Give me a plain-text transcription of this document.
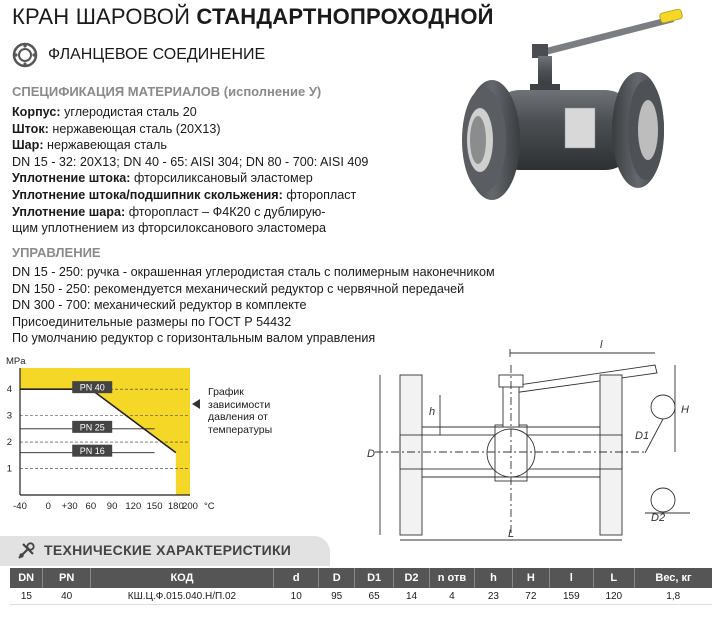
КРАН ШАРОВОЙ СТАНДАРТНОПРОХОДНОЙ
ФЛАНЦЕВОЕ СОЕДИНЕНИЕ
СПЕЦИФИКАЦИЯ МАТЕРИАЛОВ (исполнение У)
Корпус: углеродистая сталь 20
Шток: нержавеющая сталь (20Х13)
Шар: нержавеющая сталь
DN 15 - 32: 20Х13; DN 40 - 65: AISI 304; DN 80 - 700: AISI 409
Уплотнение штока: фторсиликсановый эластомер
Уплотнение штока/подшипник скольжения: фторопласт
Уплотнение шара: фторопласт – Ф4К20 с дублирую-
щим уплотнением из фторсилоксанового эластомера
УПРАВЛЕНИЕ
DN 15 - 250: ручка - окрашенная углеродистая сталь с полимерным наконечником
DN 150 - 250: рекомендуется механический редуктор с червячной передачей
DN 300 - 700: механический редуктор в комплекте
Присоединительные размеры по ГОСТ Р 54432
По умолчанию редуктор с горизонтальным валом управления
PN 40
PN 25
PN 16
-40 0 +30 60 90 120 150 180
200 °C
1
2
3
4
MPa
График зависимости давления от температуры
l
H
h
D1
D
D2
L
ТЕХНИЧЕСКИЕ ХАРАКТЕРИСТИКИ
DN	PN	КОД	d	D	D1	D2	n отв	h	H	l	L	Вес, кг
15	40	КШ.Ц.Ф.015.040.Н/П.02	10	95	65	14	4	23	72	159	120	1,8
